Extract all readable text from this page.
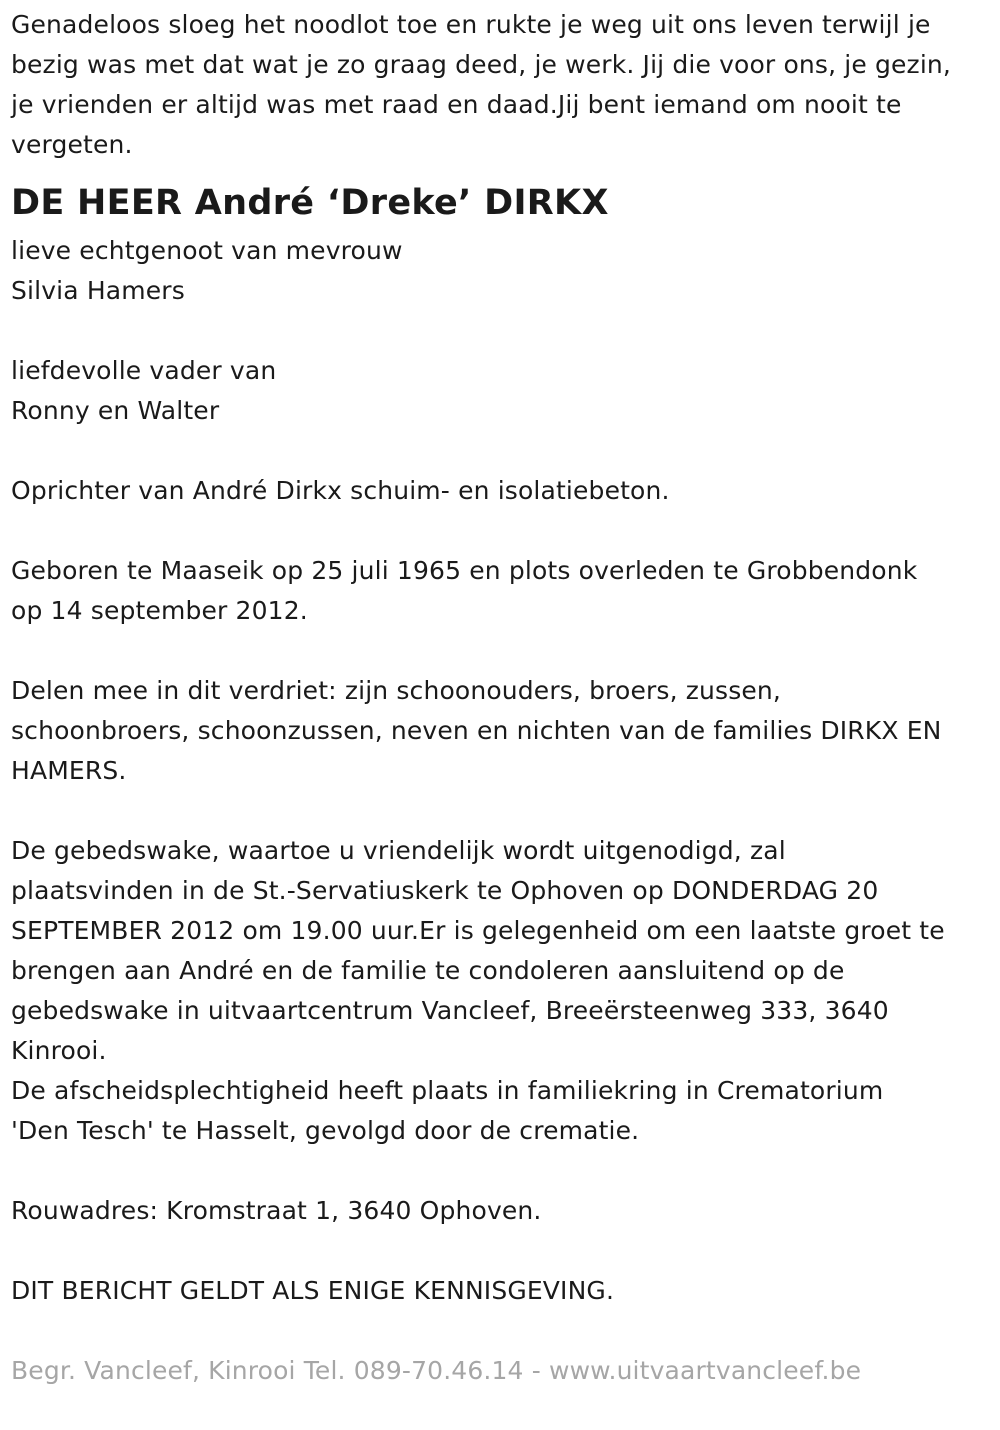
Genadeloos sloeg het noodlot toe en rukte je weg uit ons leven terwijl je
bezig was met dat wat je zo graag deed, je werk. Jij die voor ons, je gezin,
je vrienden er altijd was met raad en daad.Jij bent iemand om nooit te
vergeten.

DE HEER André ‘Dreke’ DIRKX

lieve echtgenoot van mevrouw
Silvia Hamers

liefdevolle vader van
Ronny en Walter

Oprichter van André Dirkx schuim- en isolatiebeton.

Geboren te Maaseik op 25 juli 1965 en plots overleden te Grobbendonk
op 14 september 2012.

Delen mee in dit verdriet: zijn schoonouders, broers, zussen,
schoonbroers, schoonzussen, neven en nichten van de families DIRKX EN
HAMERS.

De gebedswake, waartoe u vriendelijk wordt uitgenodigd, zal
plaatsvinden in de St.-Servatiuskerk te Ophoven op DONDERDAG 20
SEPTEMBER 2012 om 19.00 uur.Er is gelegenheid om een laatste groet te
brengen aan André en de familie te condoleren aansluitend op de
gebedswake in uitvaartcentrum Vancleef, Breeërsteenweg 333, 3640
Kinrooi.

De afscheidsplechtigheid heeft plaats in familiekring in Crematorium
'Den Tesch' te Hasselt, gevolgd door de crematie.

Rouwadres: Kromstraat 1, 3640 Ophoven.

DIT BERICHT GELDT ALS ENIGE KENNISGEVING.

Begr. Vancleef, Kinrooi Tel. 089-70.46.14 - www.uitvaartvancleef.be
